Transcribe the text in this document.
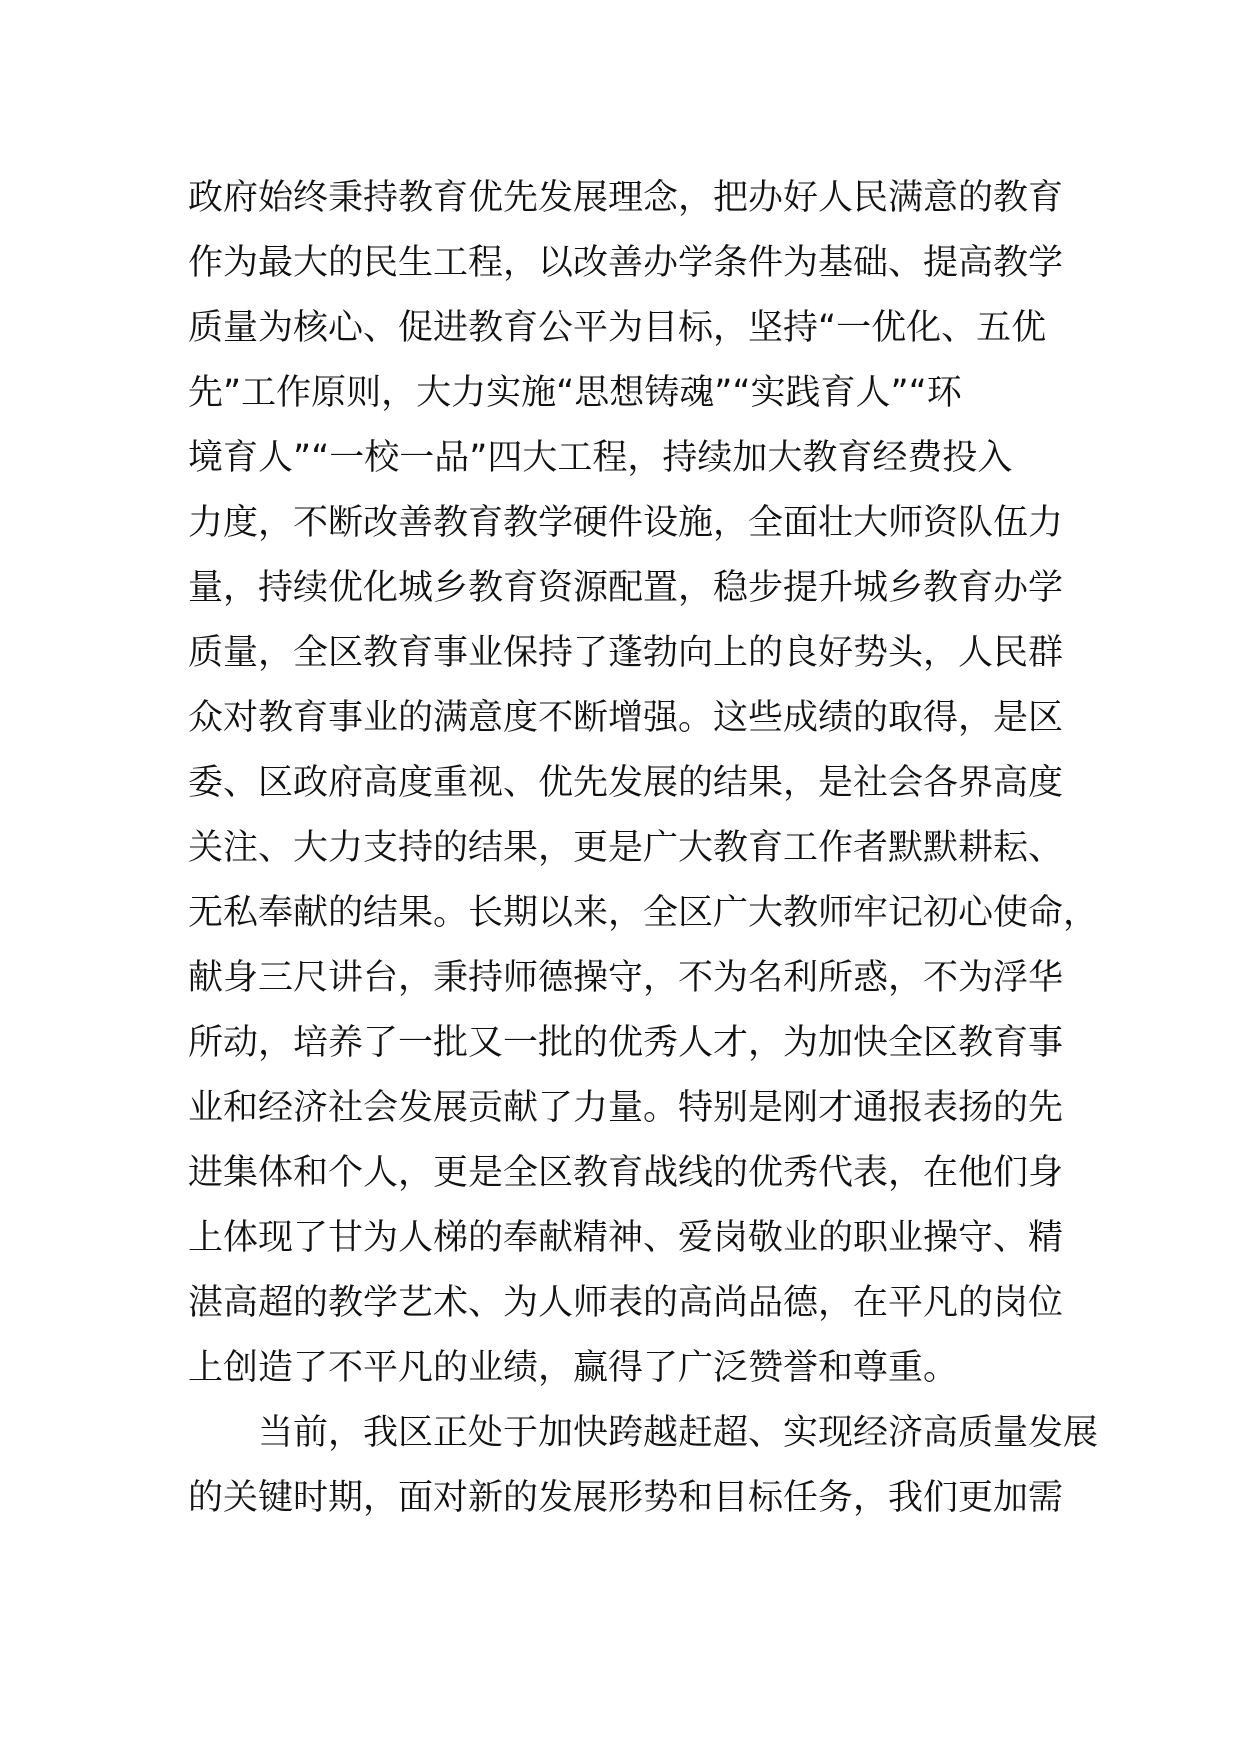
政府始终秉持教育优先发展理念，把办好人民满意的教育
作为最大的民生工程，以改善办学条件为基础、提高教学
质量为核心、促进教育公平为目标，坚持“一优化、五优
先”工作原则，大力实施“思想铸魂”“实践育人”“环
境育人”“一校一品”四大工程，持续加大教育经费投入
力度，不断改善教育教学硬件设施，全面壮大师资队伍力
量，持续优化城乡教育资源配置，稳步提升城乡教育办学
质量，全区教育事业保持了蓬勃向上的良好势头，人民群
众对教育事业的满意度不断增强。这些成绩的取得，是区
委、区政府高度重视、优先发展的结果，是社会各界高度
关注、大力支持的结果，更是广大教育工作者默默耕耘、
无私奉献的结果。长期以来，全区广大教师牢记初心使命，
献身三尺讲台，秉持师德操守，不为名利所惑，不为浮华
所动，培养了一批又一批的优秀人才，为加快全区教育事
业和经济社会发展贡献了力量。特别是刚才通报表扬的先
进集体和个人，更是全区教育战线的优秀代表，在他们身
上体现了甘为人梯的奉献精神、爱岗敬业的职业操守、精
湛高超的教学艺术、为人师表的高尚品德，在平凡的岗位
上创造了不平凡的业绩，赢得了广泛赞誉和尊重。
　　当前，我区正处于加快跨越赶超、实现经济高质量发展
的关键时期，面对新的发展形势和目标任务，我们更加需
